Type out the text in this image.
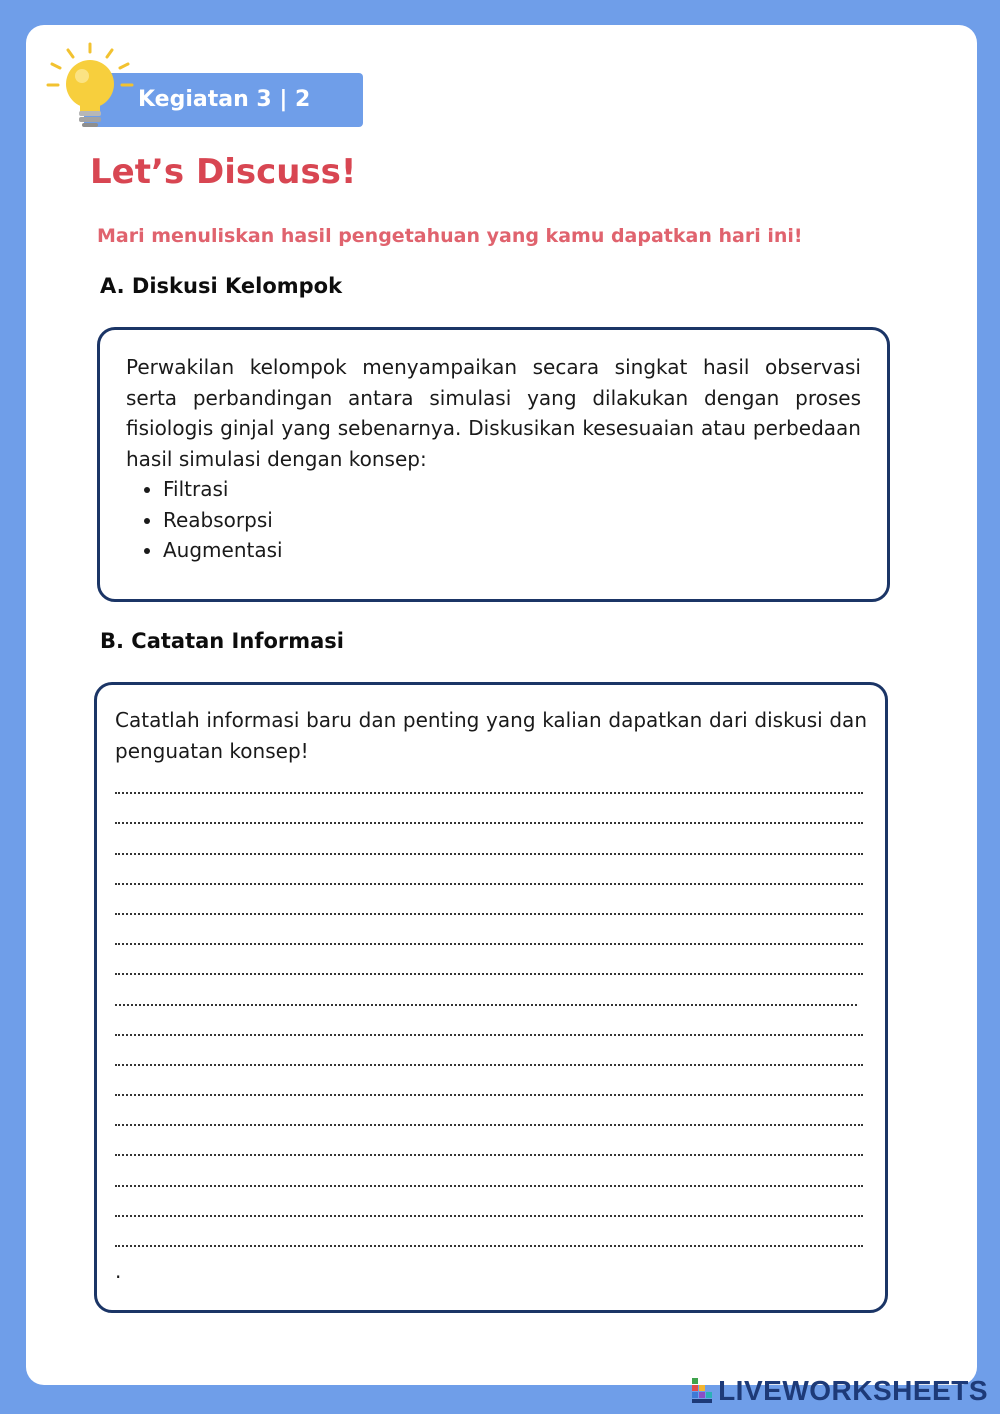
Kegiatan 3 | 2
Let’s Discuss!
Mari menuliskan hasil pengetahuan yang kamu dapatkan hari ini!
A. Diskusi Kelompok

Perwakilan kelompok menyampaikan secara singkat hasil observasi serta perbandingan antara simulasi yang dilakukan dengan proses fisiologis ginjal yang sebenarnya. Diskusikan kesesuaian atau perbedaan hasil simulasi dengan konsep:

• Filtrasi
• Reabsorpsi
• Augmentasi
B. Catatan Informasi

Catatlah informasi baru dan penting yang kalian dapatkan dari diskusi dan penguatan konsep!

.
LIVEWORKSHEETS
